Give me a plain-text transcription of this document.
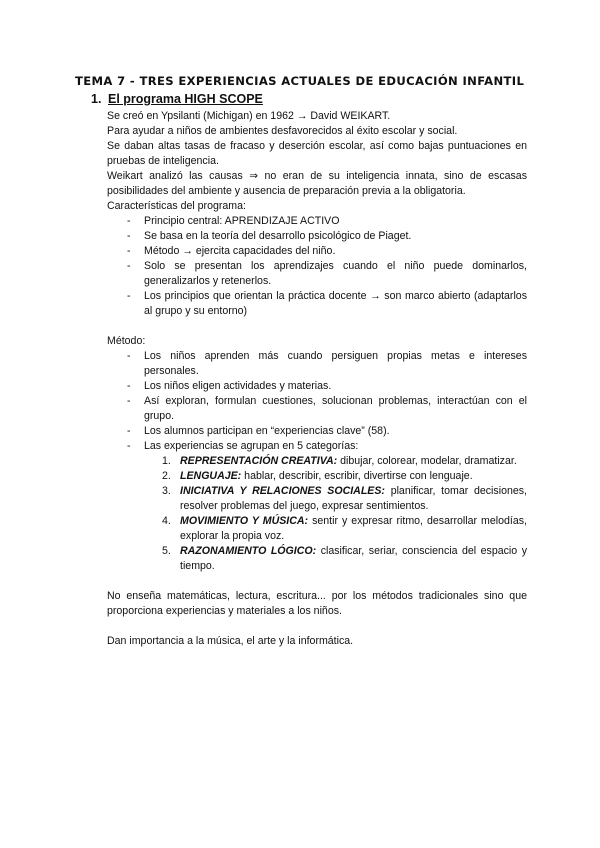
TEMA 7 - TRES EXPERIENCIAS ACTUALES DE EDUCACIÓN INFANTIL
1. El programa HIGH SCOPE

Se creó en Ypsilanti (Michigan) en 1962 → David WEIKART.

Para ayudar a niños de ambientes desfavorecidos al éxito escolar y social.

Se daban altas tasas de fracaso y deserción escolar, así como bajas puntuaciones en pruebas de inteligencia.

Weikart analizó las causas ⇒ no eran de su inteligencia innata, sino de escasas posibilidades del ambiente y ausencia de preparación previa a la obligatoria.

Características del programa:

- Principio central: APRENDIZAJE ACTIVO
- Se basa en la teoría del desarrollo psicológico de Piaget.
- Método → ejercita capacidades del niño.
- Solo se presentan los aprendizajes cuando el niño puede dominarlos, generalizarlos y retenerlos.
- Los principios que orientan la práctica docente → son marco abierto (adaptarlos al grupo y su entorno)

Método:

- Los niños aprenden más cuando persiguen propias metas e intereses personales.
- Los niños eligen actividades y materias.
- Así exploran, formulan cuestiones, solucionan problemas, interactúan con el grupo.
- Los alumnos participan en “experiencias clave” (58).
- Las experiencias se agrupan en 5 categorías:
1. REPRESENTACIÓN CREATIVA: dibujar, colorear, modelar, dramatizar.
2. LENGUAJE: hablar, describir, escribir, divertirse con lenguaje.
3. INICIATIVA Y RELACIONES SOCIALES: planificar, tomar decisiones, resolver problemas del juego, expresar sentimientos.
4. MOVIMIENTO Y MÚSICA: sentir y expresar ritmo, desarrollar melodías, explorar la propia voz.
5. RAZONAMIENTO LÓGICO: clasificar, seriar, consciencia del espacio y tiempo.

No enseña matemáticas, lectura, escritura... por los métodos tradicionales sino que proporciona experiencias y materiales a los niños.

Dan importancia a la música, el arte y la informática.
